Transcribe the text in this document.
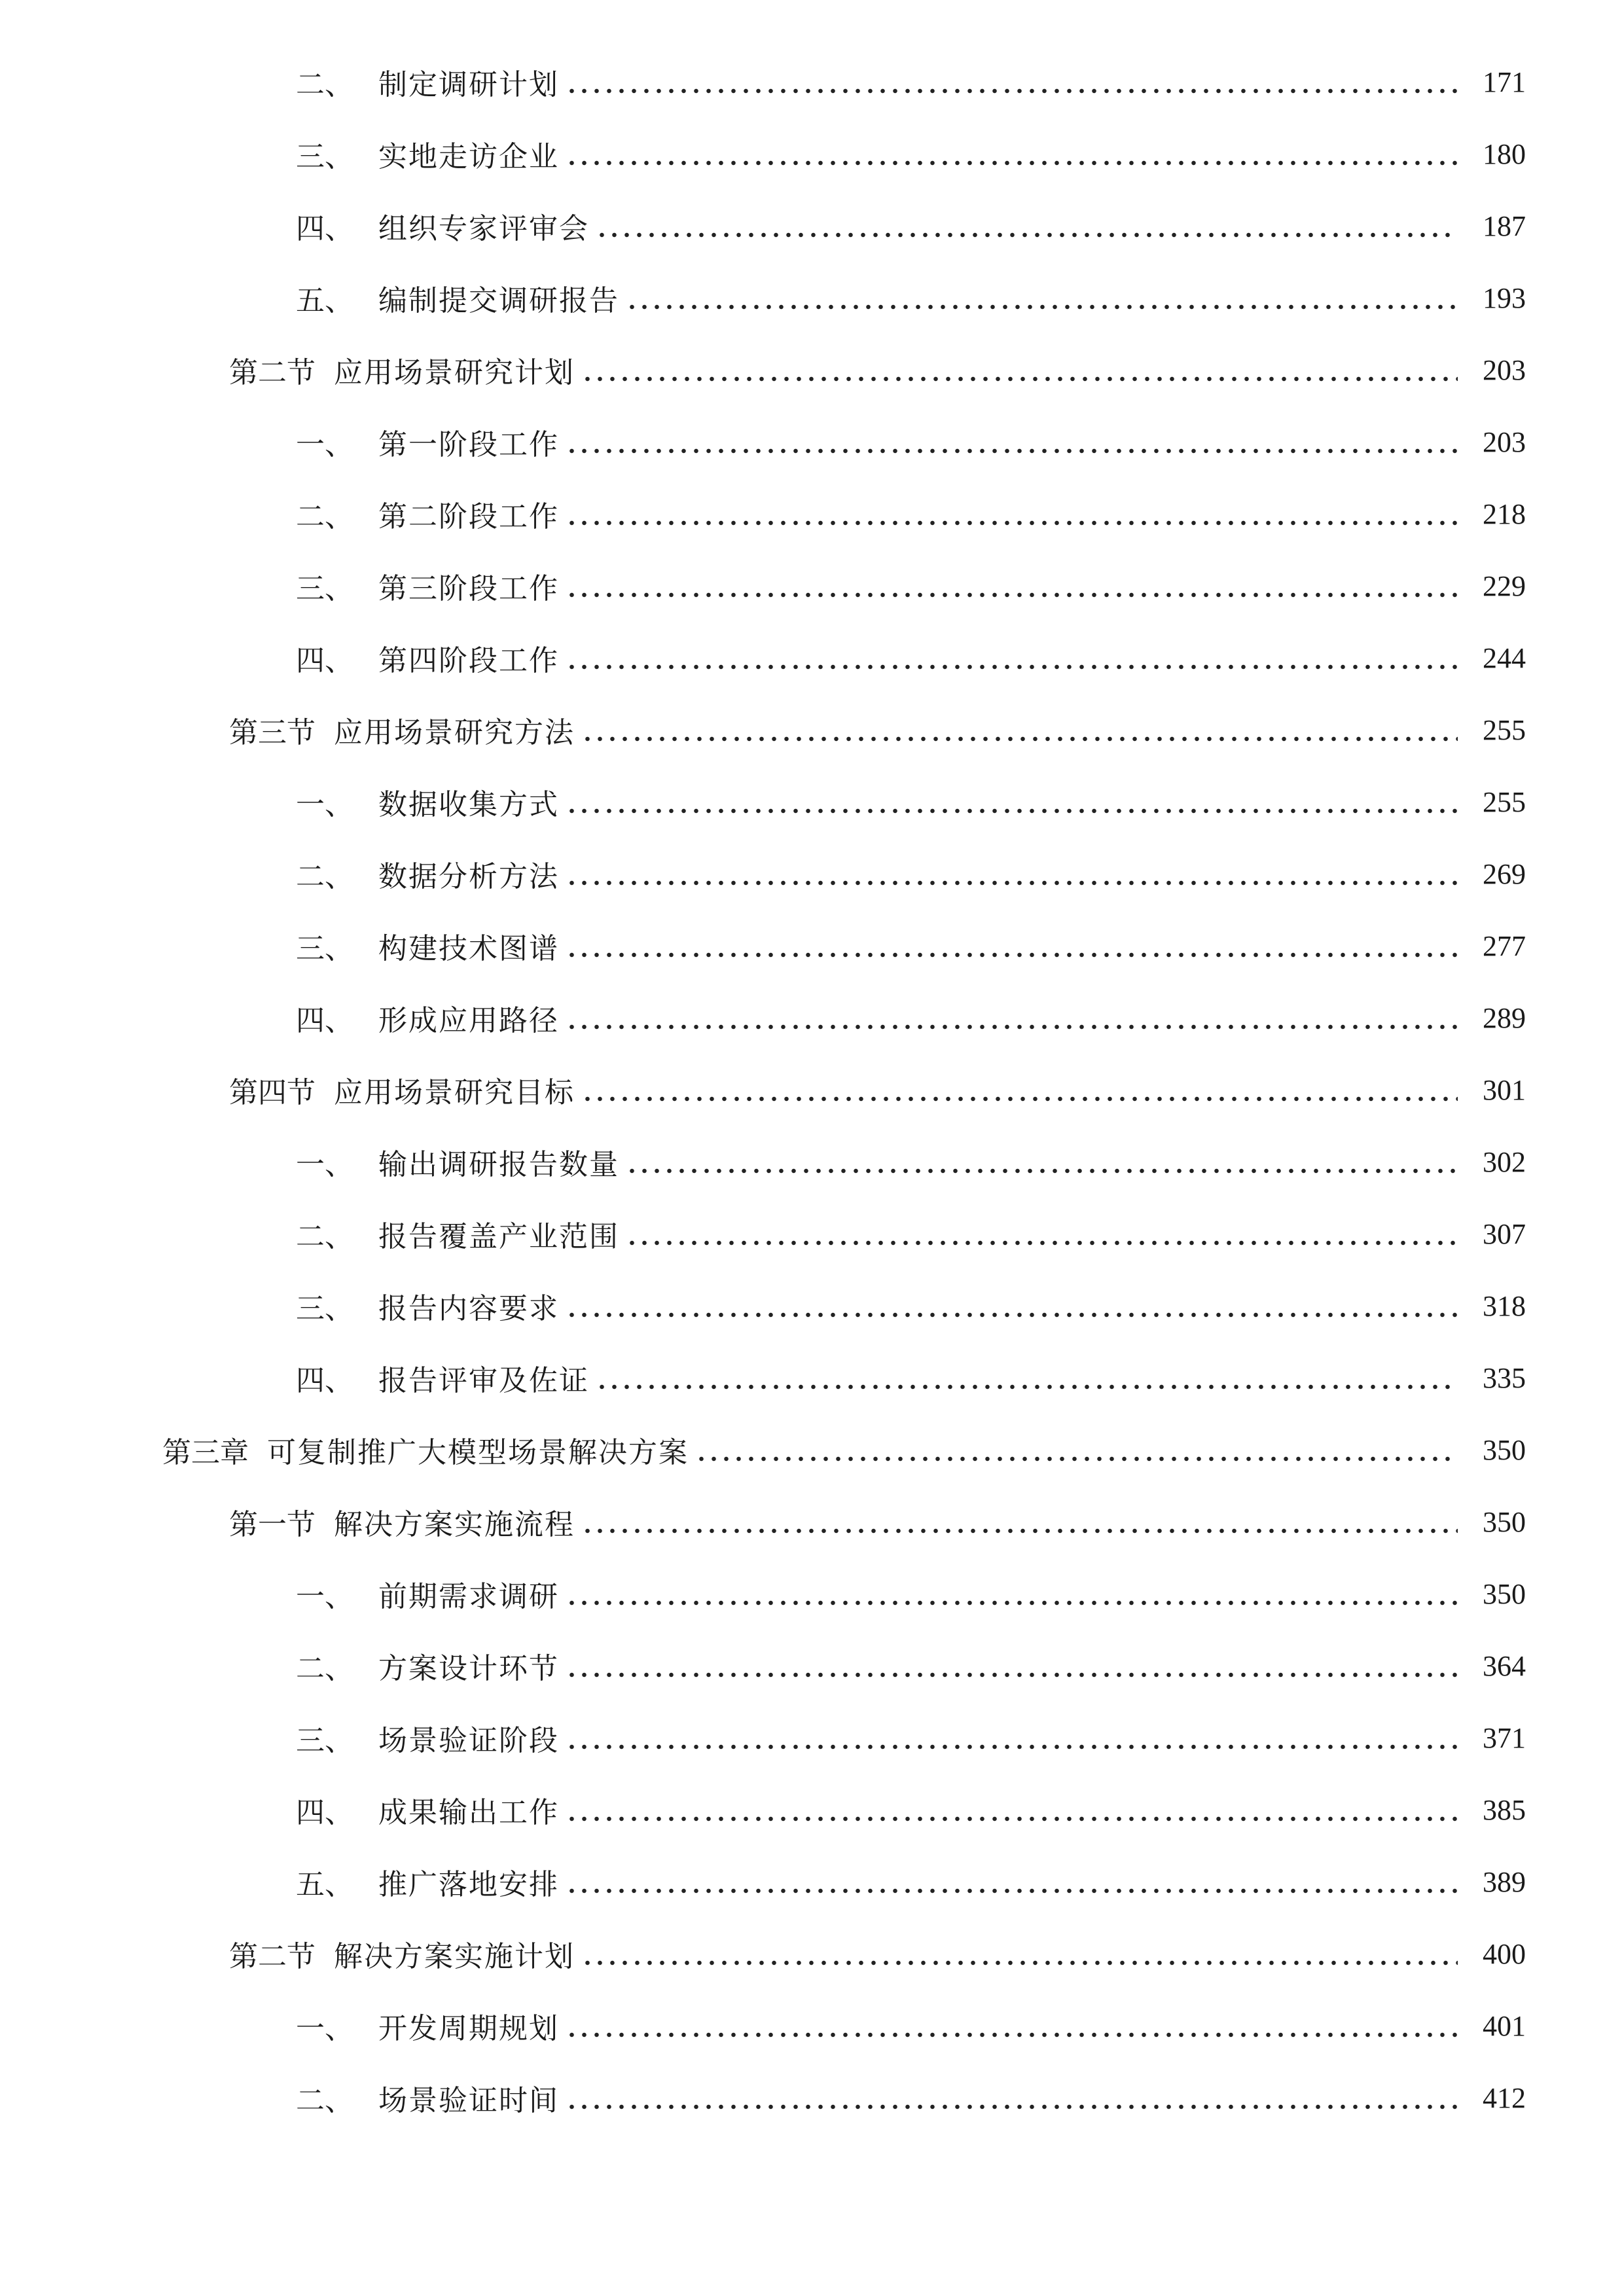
二、 制定调研计划	171
三、 实地走访企业	180
四、 组织专家评审会	187
五、 编制提交调研报告	193
第二节 应用场景研究计划	203
一、 第一阶段工作	203
二、 第二阶段工作	218
三、 第三阶段工作	229
四、 第四阶段工作	244
第三节 应用场景研究方法	255
一、 数据收集方式	255
二、 数据分析方法	269
三、 构建技术图谱	277
四、 形成应用路径	289
第四节 应用场景研究目标	301
一、 输出调研报告数量	302
二、 报告覆盖产业范围	307
三、 报告内容要求	318
四、 报告评审及佐证	335
第三章 可复制推广大模型场景解决方案	350
第一节 解决方案实施流程	350
一、 前期需求调研	350
二、 方案设计环节	364
三、 场景验证阶段	371
四、 成果输出工作	385
五、 推广落地安排	389
第二节 解决方案实施计划	400
一、 开发周期规划	401
二、 场景验证时间	412
